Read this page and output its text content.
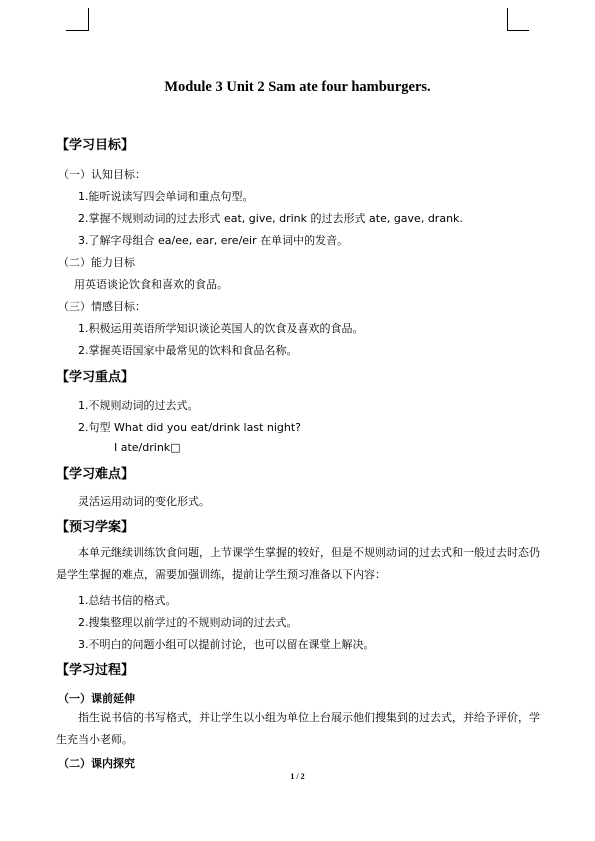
Module 3 Unit 2 Sam ate four hamburgers.
【学习目标】
（一）认知目标：
1.能听说读写四会单词和重点句型。
2.掌握不规则动词的过去形式 eat, give, drink 的过去形式 ate, gave, drank.
3.了解字母组合 ea/ee, ear, ere/eir 在单词中的发音。
（二）能力目标
用英语谈论饮食和喜欢的食品。
（三）情感目标：
1.积极运用英语所学知识谈论英国人的饮食及喜欢的食品。
2.掌握英语国家中最常见的饮料和食品名称。
【学习重点】
1.不规则动词的过去式。
2.句型 What did you eat/drink last night?
I ate/drink□
【学习难点】
灵活运用动词的变化形式。
【预习学案】
本单元继续训练饮食问题，上节课学生掌握的较好，但是不规则动词的过去式和一般过去时态仍是学生掌握的难点，需要加强训练，提前让学生预习准备以下内容：
1.总结书信的格式。
2.搜集整理以前学过的不规则动词的过去式。
3.不明白的问题小组可以提前讨论，也可以留在课堂上解决。
【学习过程】
（一）课前延伸
指生说书信的书写格式，并让学生以小组为单位上台展示他们搜集到的过去式，并给予评价，学生充当小老师。
（二）课内探究
1 / 2
